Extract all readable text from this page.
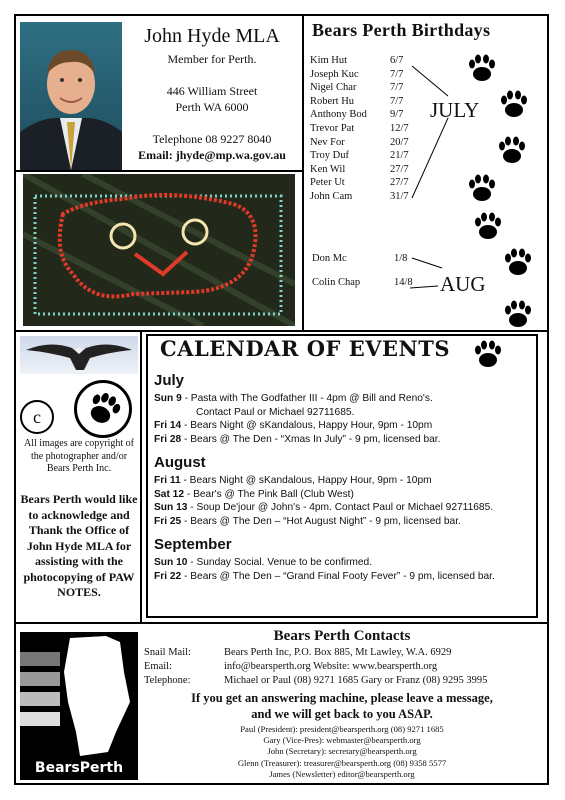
John Hyde MLA
Member for Perth.
446 William Street
Perth WA 6000
Telephone 08 9227 8040
Email: jhyde@mp.wa.gov.au
Bears Perth Birthdays
Kim Hut	6/7
Joseph Kuc	7/7
Nigel Char	7/7
Robert Hu	7/7
Anthony Bod 9/7
Trevor Pat	12/7
Nev For	20/7
Troy Duf	21/7
Ken Wil	27/7
Peter Ut	27/7
John Cam	31/7
Don Mc	1/8
Colin Chap	14/8
JULY
AUG
c
All images are copyright of the photographer and/or Bears Perth Inc.
Bears Perth would like to acknowledge and Thank the Office of John Hyde MLA for assisting with the photocopying of PAW NOTES.
CALENDAR OF EVENTS
July
Sun 9 - Pasta with The Godfather III - 4pm @ Bill and Reno's.
Contact Paul or Michael 92711685.
Fri 14 - Bears Night @ sKandalous, Happy Hour, 9pm - 10pm
Fri 28 - Bears @ The Den - “Xmas In July” - 9 pm, licensed bar.
August
Fri 11 - Bears Night @ sKandalous, Happy Hour, 9pm - 10pm
Sat 12 - Bear's @ The Pink Ball (Club West)
Sun 13 - Soup De'jour @ John's - 4pm. Contact Paul or Michael 92711685.
Fri 25 - Bears @ The Den – “Hot August Night” - 9 pm, licensed bar.
September
Sun 10 - Sunday Social. Venue to be confirmed.
Fri 22 - Bears @ The Den – “Grand Final Footy Fever” - 9 pm, licensed bar.
BearsPerth
Bears Perth Contacts
Snail Mail:	Bears Perth Inc, P.O. Box 885, Mt Lawley, W.A. 6929
Email:	info@bearsperth.org Website: www.bearsperth.org
Telephone:	Michael or Paul (08) 9271 1685 Gary or Franz (08) 9295 3995
If you get an answering machine, please leave a message,
and we will get back to you ASAP.
Paul (President): president@bearsperth.org (08) 9271 1685
Gary (Vice-Pres): webmaster@bearsperth.org
John (Secretary): secretary@bearsperth.org
Glenn (Treasurer): treasurer@bearsperth.org (08) 9358 5577
James (Newsletter) editor@bearsperth.org
